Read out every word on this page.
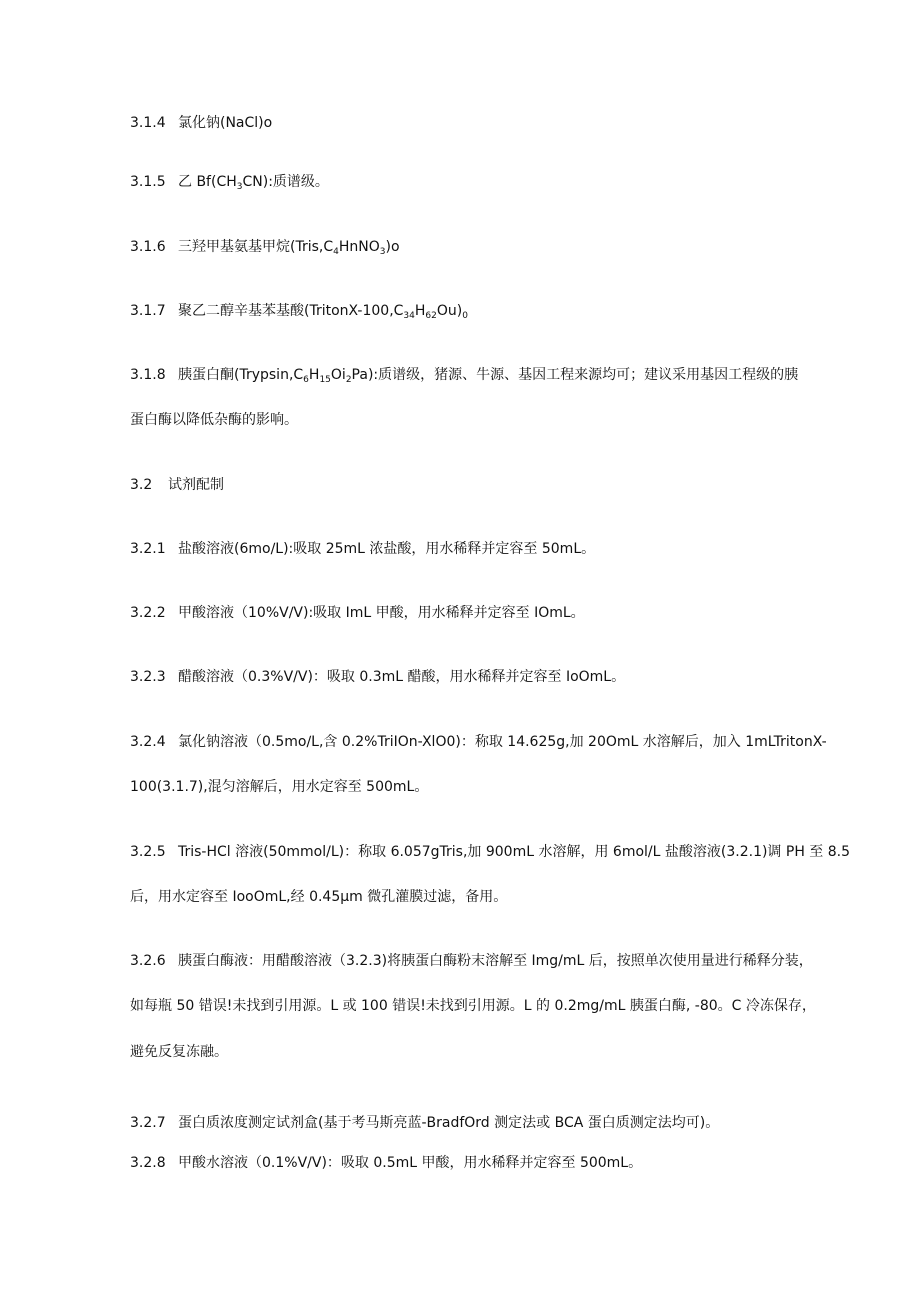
3.1.4 氯化钠(NaCl)o

3.1.5 乙 $Bf(CH_3CN)$:质谱级。

3.1.6 三羟甲基氨基甲烷$(Tris,C_4HnNO_3)o$

3.1.7 聚乙二醇辛基苯基酸$(TritonX-100,C_{34}H_{62}Ou)_0$

3.1.8 胰蛋白酮$(Trypsin,C_6H_{15}Oi_2Pa)$:质谱级，猪源、牛源、基因工程来源均可；建议采用基因工程级的胰

蛋白酶以降低杂酶的影响。

3.2 试剂配制

3.2.1 盐酸溶液(6mo∕L):吸取 25mL 浓盐酸，用水稀释并定容至 50mL。

3.2.2 甲酸溶液（10%V∕V):吸取 ImL 甲酸，用水稀释并定容至 IOmL。

3.2.3 醋酸溶液（0.3%V/V)：吸取 0.3mL 醋酸，用水稀释并定容至 IoOmL。

3.2.4 氯化钠溶液（0.5mo∕L,含 0.2%TriIOn-XlO0)：称取 14.625g,加 20OmL 水溶解后，加入 1mLTritonX-

100(3.1.7),混匀溶解后，用水定容至 500mL。

3.2.5 Tris-HCl 溶液(50mmol/L)：称取 6.057gTris,加 900mL 水溶解，用 6mol/L 盐酸溶液(3.2.1)调 PH 至 8.5

后，用水定容至 IooOmL,经 0.45μm 微孔灌膜过滤，备用。

3.2.6 胰蛋白酶液：用醋酸溶液（3.2.3)将胰蛋白酶粉末溶解至 Img/mL 后，按照单次使用量进行稀释分装，

如每瓶 50 错误!未找到引用源。L 或 100 错误!未找到引用源。L 的 0.2mg/mL 胰蛋白酶, -80。C 冷冻保存，

避免反复冻融。

3.2.7 蛋白质浓度测定试剂盒(基于考马斯亮蓝-BradfOrd 测定法或 BCA 蛋白质测定法均可)。

3.2.8 甲酸水溶液（0.1%V/V)：吸取 0.5mL 甲酸，用水稀释并定容至 500mL。
